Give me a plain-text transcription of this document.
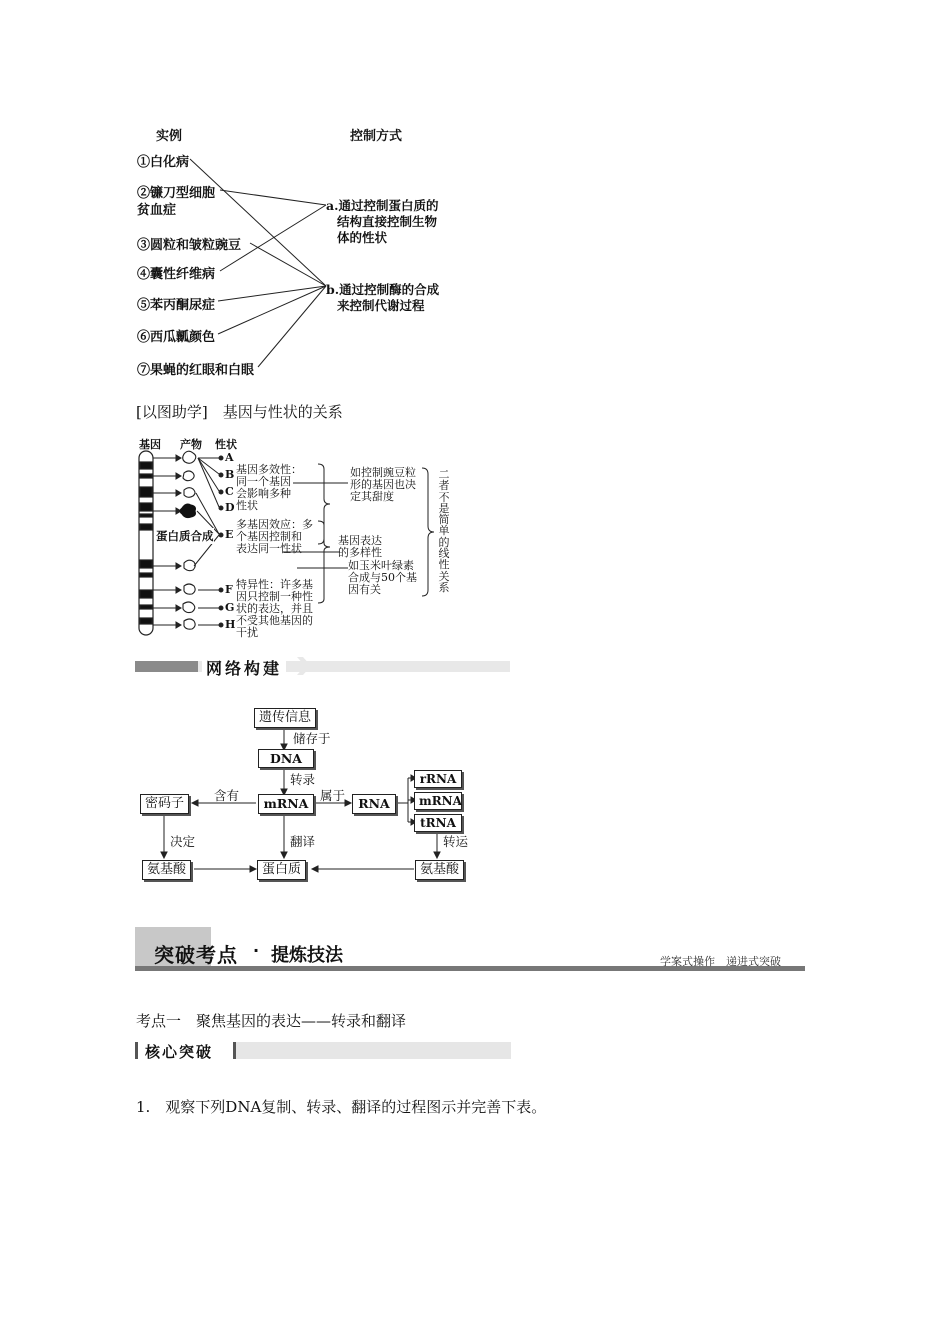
实例	控制方式
①白化病
②镰刀型细胞
贫血症
③圆粒和皱粒豌豆
④囊性纤维病
⑤苯丙酮尿症
⑥西瓜瓤颜色
⑦果蝇的红眼和白眼
a.通过控制蛋白质的
结构直接控制生物
体的性状
b.通过控制酶的合成
来控制代谢过程
[以图助学]　基因与性状的关系
基因 产物 性状
蛋白质合成
A
B
C
D
E
F
G
H
基因多效性：
同一个基因
会影响多种
性状
如控制豌豆粒
形的基因也决
定其甜度
多基因效应：多
个基因控制和
表达同一性状
基因表达
的多样性
如玉米叶绿素
合成与50个基
因有关
特异性：许多基
因只控制一种性
状的表达，并且
不受其他基因的
干扰
二
者
不
是
简
单
的
线
性
关
系
网络构建
遗传信息
储存于
DNA
转录
密码子
含有
mRNA
属于
RNA
rRNA
mRNA
tRNA
决定	翻译	转运
氨基酸	蛋白质	氨基酸
突破考点 · 提炼技法	学案式操作　递进式突破
考点一　聚焦基因的表达——转录和翻译
核心突破
1.　观察下列DNA复制、转录、翻译的过程图示并完善下表。
